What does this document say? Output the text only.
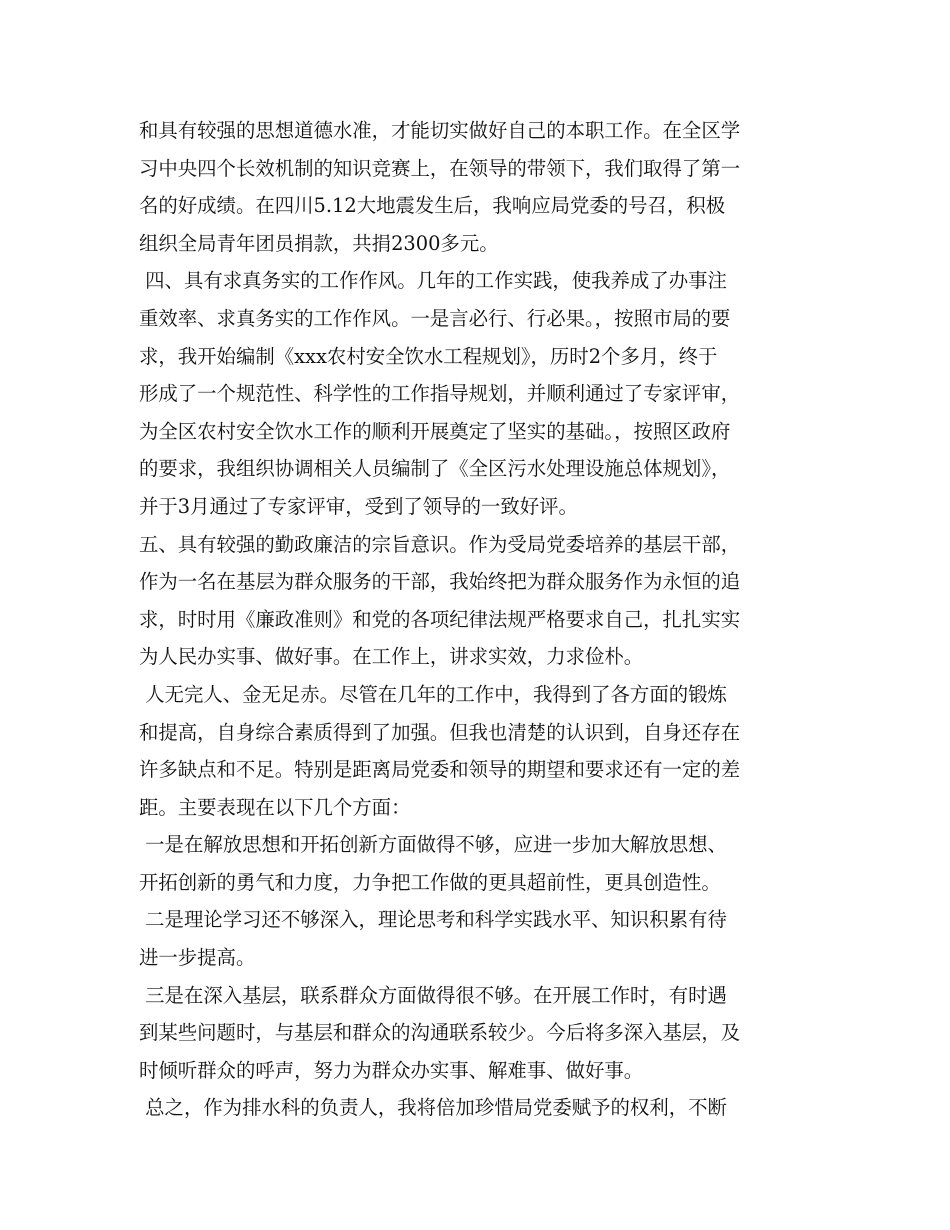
和具有较强的思想道德水准，才能切实做好自己的本职工作。在全区学
习中央四个长效机制的知识竞赛上，在领导的带领下，我们取得了第一
名的好成绩。在四川5.12大地震发生后，我响应局党委的号召，积极
组织全局青年团员捐款，共捐2300多元。
四、具有求真务实的工作作风。几年的工作实践，使我养成了办事注
重效率、求真务实的工作作风。一是言必行、行必果。，按照市局的要
求，我开始编制《xxx农村安全饮水工程规划》，历时2个多月，终于
形成了一个规范性、科学性的工作指导规划，并顺利通过了专家评审，
为全区农村安全饮水工作的顺利开展奠定了坚实的基础。，按照区政府
的要求，我组织协调相关人员编制了《全区污水处理设施总体规划》，
并于3月通过了专家评审，受到了领导的一致好评。
五、具有较强的勤政廉洁的宗旨意识。作为受局党委培养的基层干部，
作为一名在基层为群众服务的干部，我始终把为群众服务作为永恒的追
求，时时用《廉政准则》和党的各项纪律法规严格要求自己，扎扎实实
为人民办实事、做好事。在工作上，讲求实效，力求俭朴。
人无完人、金无足赤。尽管在几年的工作中，我得到了各方面的锻炼
和提高，自身综合素质得到了加强。但我也清楚的认识到，自身还存在
许多缺点和不足。特别是距离局党委和领导的期望和要求还有一定的差
距。主要表现在以下几个方面：
一是在解放思想和开拓创新方面做得不够，应进一步加大解放思想、
开拓创新的勇气和力度，力争把工作做的更具超前性，更具创造性。
二是理论学习还不够深入，理论思考和科学实践水平、知识积累有待
进一步提高。
三是在深入基层，联系群众方面做得很不够。在开展工作时，有时遇
到某些问题时，与基层和群众的沟通联系较少。今后将多深入基层，及
时倾听群众的呼声，努力为群众办实事、解难事、做好事。
总之，作为排水科的负责人，我将倍加珍惜局党委赋予的权利，不断
